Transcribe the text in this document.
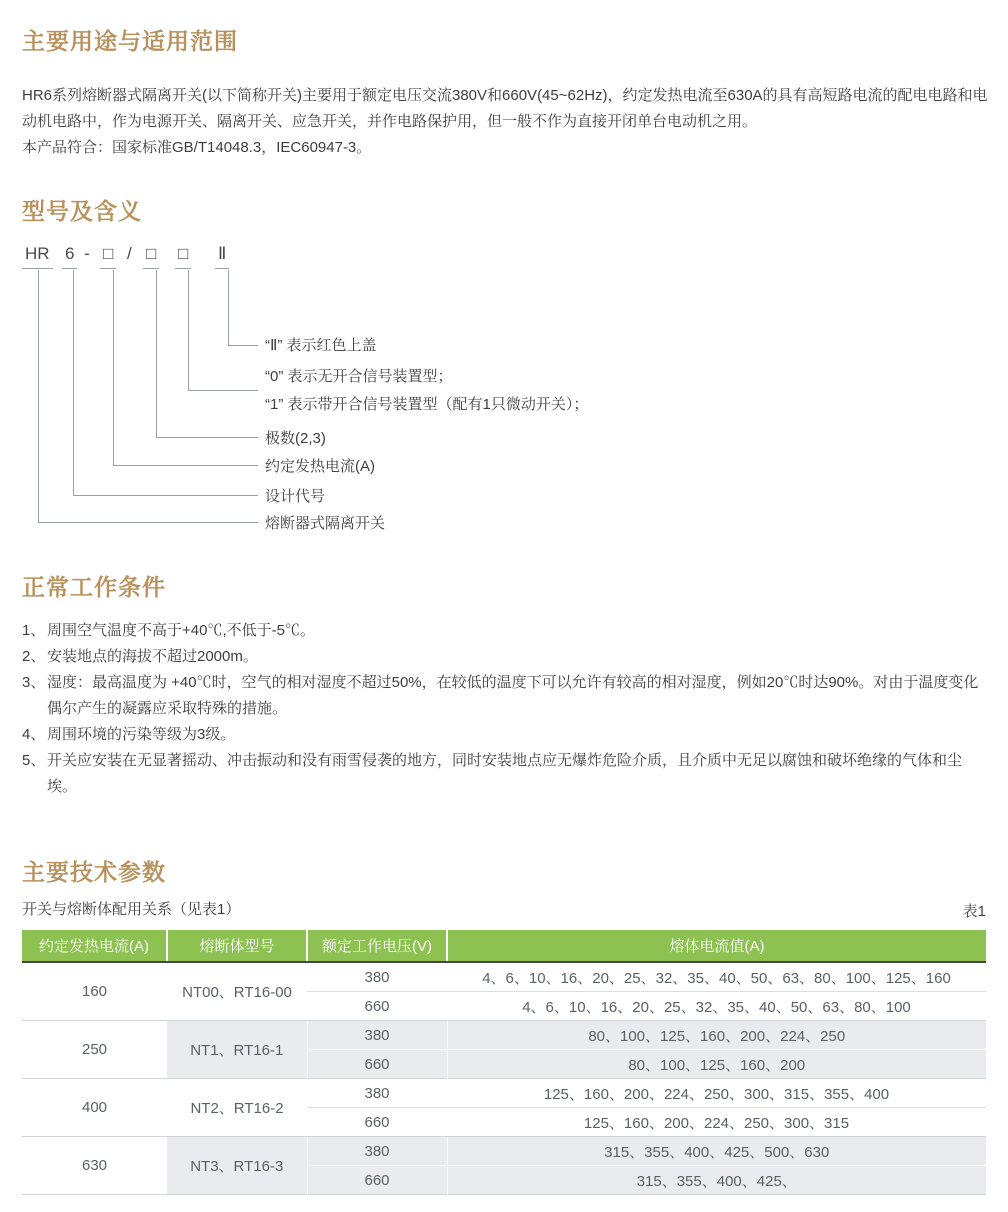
主要用途与适用范围

HR6系列熔断器式隔离开关(以下简称开关)主要用于额定电压交流380V和660V(45~62Hz)，约定发热电流至630A的具有高短路电流的配电电路和电动机电路中，作为电源开关、隔离开关、应急开关，并作电路保护用，但一般不作为直接开闭单台电动机之用。

本产品符合：国家标准GB/T14048.3，IEC60947-3。

型号及含义
HR 6 - □ / □ □ Ⅱ
“Ⅱ” 表示红色上盖
“0” 表示无开合信号装置型；
“1” 表示带开合信号装置型（配有1只微动开关）；
极数(2,3)
约定发热电流(A)
设计代号
熔断器式隔离开关
正常工作条件
1、 周围空气温度不高于+40℃,不低于-5℃。
2、 安装地点的海拔不超过2000m。
3、 湿度：最高温度为 +40℃时，空气的相对湿度不超过50%，在较低的温度下可以允许有较高的相对湿度，例如20℃时达90%。对由于温度变化偶尔产生的凝露应采取特殊的措施。
4、 周围环境的污染等级为3级。
5、 开关应安装在无显著摇动、冲击振动和没有雨雪侵袭的地方，同时安装地点应无爆炸危险介质，且介质中无足以腐蚀和破坏绝缘的气体和尘埃。
主要技术参数
开关与熔断体配用关系（见表1）	表1
约定发热电流(A)	熔断体型号	额定工作电压(V)	熔体电流值(A)
160	NT00、RT16-00	380	4、6、10、16、20、25、32、35、40、50、63、80、100、125、160
		660	4、6、10、16、20、25、32、35、40、50、63、80、100
250	NT1、RT16-1	380	80、100、125、160、200、224、250
		660	80、100、125、160、200
400	NT2、RT16-2	380	125、160、200、224、250、300、315、355、400
		660	125、160、200、224、250、300、315
630	NT3、RT16-3	380	315、355、400、425、500、630
		660	315、355、400、425、
